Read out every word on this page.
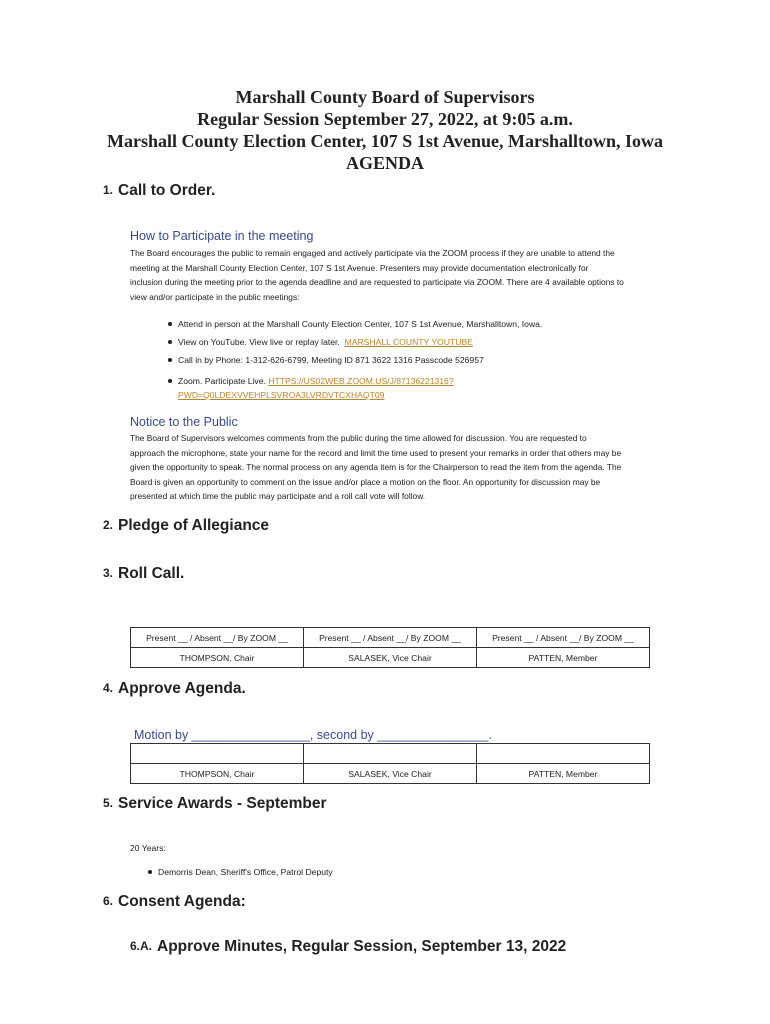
Marshall County Board of Supervisors
Regular Session September 27, 2022, at 9:05 a.m.
Marshall County Election Center, 107 S 1st Avenue, Marshalltown, Iowa
AGENDA
1. Call to Order.
How to Participate in the meeting
The Board encourages the public to remain engaged and actively participate via the ZOOM process if they are unable to attend the
meeting at the Marshall County Election Center, 107 S 1st Avenue. Presenters may provide documentation electronically for
inclusion during the meeting prior to the agenda deadline and are requested to participate via ZOOM. There are 4 available options to
view and/or participate in the public meetings:
Attend in person at the Marshall County Election Center, 107 S 1st Avenue, Marshalltown, Iowa.
View on YouTube. View live or replay later. MARSHALL COUNTY YOUTUBE
Call in by Phone: 1-312-626-6799, Meeting ID 871 3622 1316 Passcode 526957
Zoom. Participate Live. HTTPS://US02WEB.ZOOM.US/J/87136221316?
PWD=Q0LDEXVVEHPLSVROA3LVRDVTCXHAQT09
Notice to the Public
The Board of Supervisors welcomes comments from the public during the time allowed for discussion. You are requested to
approach the microphone, state your name for the record and limit the time used to present your remarks in order that others may be
given the opportunity to speak. The normal process on any agenda item is for the Chairperson to read the item from the agenda. The
Board is given an opportunity to comment on the issue and/or place a motion on the floor. An opportunity for discussion may be
presented at which time the public may participate and a roll call vote will follow.
2. Pledge of Allegiance
3. Roll Call.
Present __ / Absent __/ By ZOOM __	Present __ / Absent __/ By ZOOM __	Present __ / Absent __/ By ZOOM __
THOMPSON, Chair	SALASEK, Vice Chair	PATTEN, Member
4. Approve Agenda.
Motion by _________________, second by ________________.

THOMPSON, Chair	SALASEK, Vice Chair	PATTEN, Member
5. Service Awards - September
20 Years:
Demorris Dean, Sheriff's Office, Patrol Deputy
6. Consent Agenda:
6.A. Approve Minutes, Regular Session, September 13, 2022
